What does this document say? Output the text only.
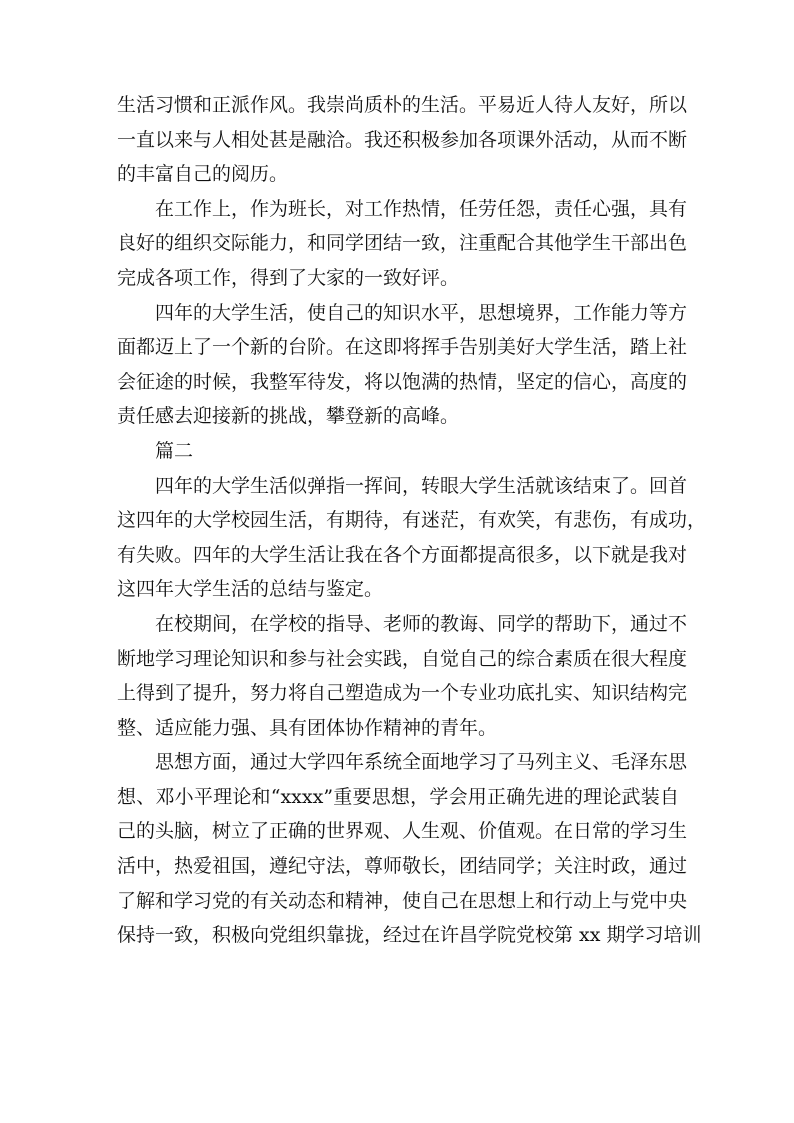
生活习惯和正派作风。我崇尚质朴的生活。平易近人待人友好，所以
一直以来与人相处甚是融洽。我还积极参加各项课外活动，从而不断
的丰富自己的阅历。
在工作上，作为班长，对工作热情，任劳任怨，责任心强，具有
良好的组织交际能力，和同学团结一致，注重配合其他学生干部出色
完成各项工作，得到了大家的一致好评。
四年的大学生活，使自己的知识水平，思想境界，工作能力等方
面都迈上了一个新的台阶。在这即将挥手告别美好大学生活，踏上社
会征途的时候，我整军待发，将以饱满的热情，坚定的信心，高度的
责任感去迎接新的挑战，攀登新的高峰。
篇二
四年的大学生活似弹指一挥间，转眼大学生活就该结束了。回首
这四年的大学校园生活，有期待，有迷茫，有欢笑，有悲伤，有成功，
有失败。四年的大学生活让我在各个方面都提高很多，以下就是我对
这四年大学生活的总结与鉴定。
在校期间，在学校的指导、老师的教诲、同学的帮助下，通过不
断地学习理论知识和参与社会实践，自觉自己的综合素质在很大程度
上得到了提升，努力将自己塑造成为一个专业功底扎实、知识结构完
整、适应能力强、具有团体协作精神的青年。
思想方面，通过大学四年系统全面地学习了马列主义、毛泽东思
想、邓小平理论和“xxxx”重要思想，学会用正确先进的理论武装自
己的头脑，树立了正确的世界观、人生观、价值观。在日常的学习生
活中，热爱祖国，遵纪守法，尊师敬长，团结同学；关注时政，通过
了解和学习党的有关动态和精神，使自己在思想上和行动上与党中央
保持一致，积极向党组织靠拢，经过在许昌学院党校第 xx 期学习培训
